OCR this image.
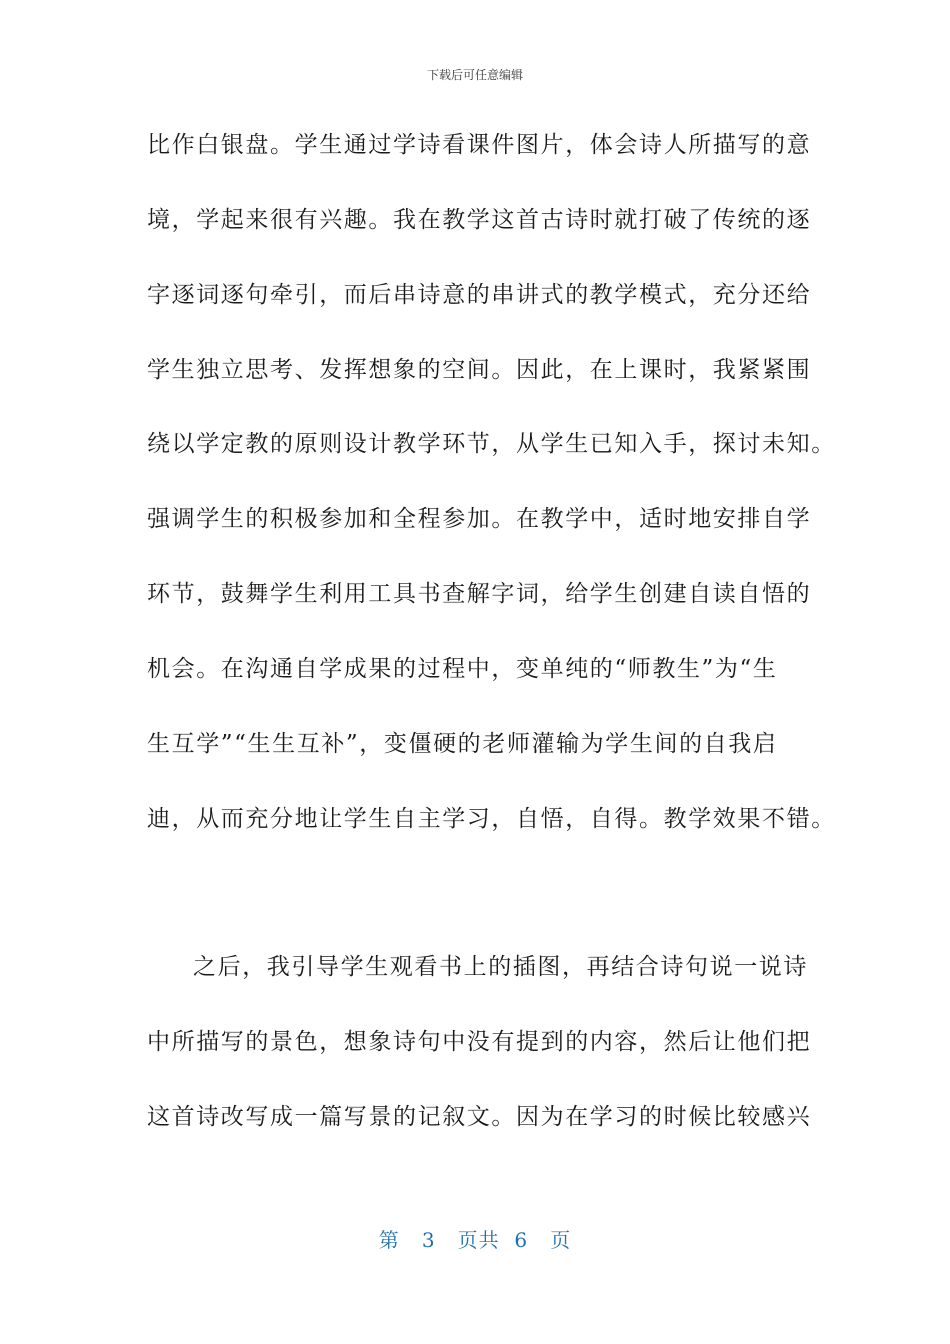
下载后可任意编辑
比作白银盘。学生通过学诗看课件图片，体会诗人所描写的意
境，学起来很有兴趣。我在教学这首古诗时就打破了传统的逐
字逐词逐句牵引，而后串诗意的串讲式的教学模式，充分还给
学生独立思考、发挥想象的空间。因此，在上课时，我紧紧围
绕以学定教的原则设计教学环节，从学生已知入手，探讨未知。
强调学生的积极参加和全程参加。在教学中，适时地安排自学
环节，鼓舞学生利用工具书查解字词，给学生创建自读自悟的
机会。在沟通自学成果的过程中，变单纯的“师教生”为“生
生互学”“生生互补”，变僵硬的老师灌输为学生间的自我启
迪，从而充分地让学生自主学习，自悟，自得。教学效果不错。
之后，我引导学生观看书上的插图，再结合诗句说一说诗
中所描写的景色，想象诗句中没有提到的内容，然后让他们把
这首诗改写成一篇写景的记叙文。因为在学习的时候比较感兴
第 3 页共 6 页
